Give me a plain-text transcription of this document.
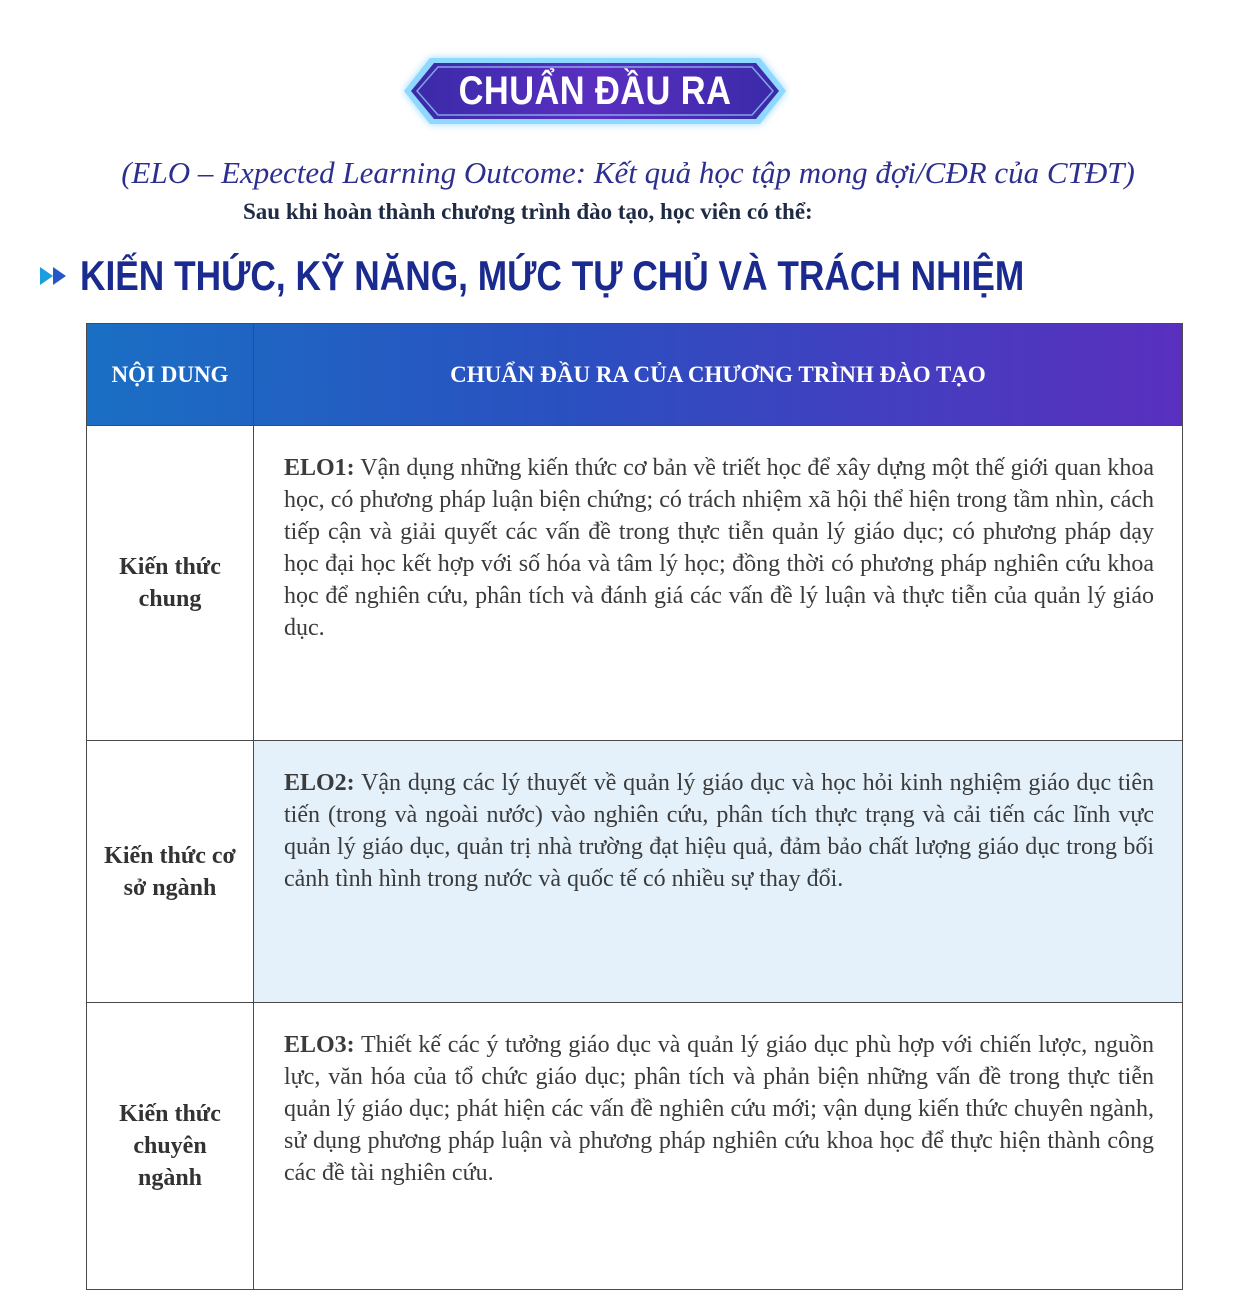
CHUẨN ĐẦU RA
(ELO – Expected Learning Outcome: Kết quả học tập mong đợi/CĐR của CTĐT)
Sau khi hoàn thành chương trình đào tạo, học viên có thể:
KIẾN THỨC, KỸ NĂNG, MỨC TỰ CHỦ VÀ TRÁCH NHIỆM
NỘI DUNG	CHUẨN ĐẦU RA CỦA CHƯƠNG TRÌNH ĐÀO TẠO

Kiến thức chung	ELO1: Vận dụng những kiến thức cơ bản về triết học để xây dựng một thế giới quan khoa học, có phương pháp luận biện chứng; có trách nhiệm xã hội thể hiện trong tầm nhìn, cách tiếp cận và giải quyết các vấn đề trong thực tiễn quản lý giáo dục; có phương pháp dạy học đại học kết hợp với số hóa và tâm lý học; đồng thời có phương pháp nghiên cứu khoa học để nghiên cứu, phân tích và đánh giá các vấn đề lý luận và thực tiễn của quản lý giáo dục.

Kiến thức cơ sở ngành	ELO2: Vận dụng các lý thuyết về quản lý giáo dục và học hỏi kinh nghiệm giáo dục tiên tiến (trong và ngoài nước) vào nghiên cứu, phân tích thực trạng và cải tiến các lĩnh vực quản lý giáo dục, quản trị nhà trường đạt hiệu quả, đảm bảo chất lượng giáo dục trong bối cảnh tình hình trong nước và quốc tế có nhiều sự thay đổi.

Kiến thức chuyên ngành	ELO3: Thiết kế các ý tưởng giáo dục và quản lý giáo dục phù hợp với chiến lược, nguồn lực, văn hóa của tổ chức giáo dục; phân tích và phản biện những vấn đề trong thực tiễn quản lý giáo dục; phát hiện các vấn đề nghiên cứu mới; vận dụng kiến thức chuyên ngành, sử dụng phương pháp luận và phương pháp nghiên cứu khoa học để thực hiện thành công các đề tài nghiên cứu.
